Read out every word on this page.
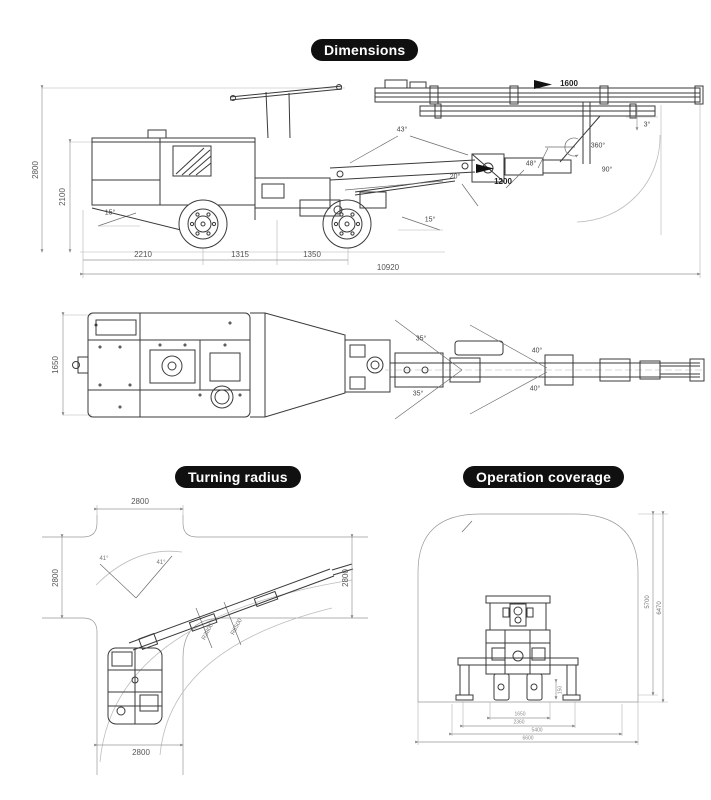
Dimensions
Turning radius	Operation coverage
2800
2100
15°
15°
2210	1315	1350
10920
1600
1200
43°
20°
48°
360°
3°
90°
1650
35°
35°
40°
40°
2800
2800
2800
2800
R3800	R6500
41°
41°
5700 6470
150
1650
2360
5400
6600
